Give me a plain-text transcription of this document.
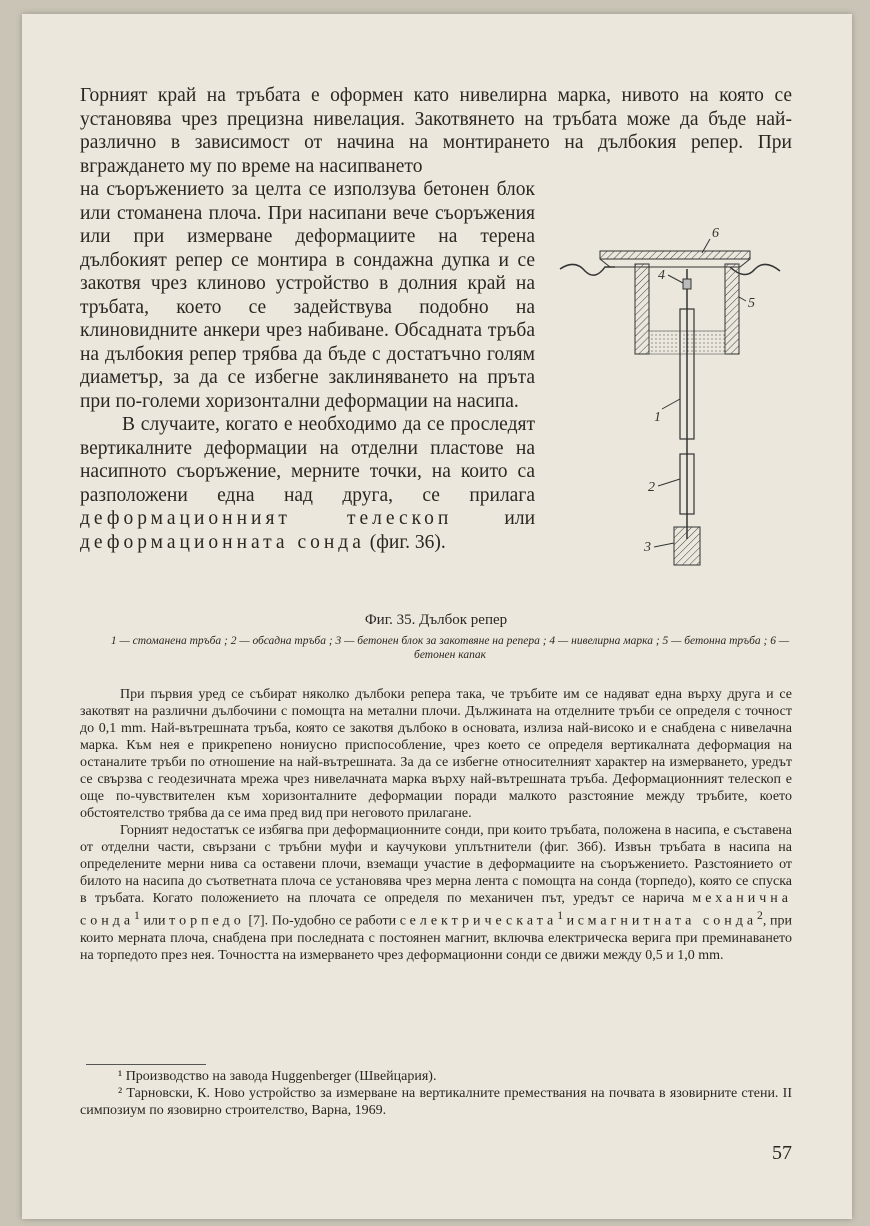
Горният край на тръбата е оформен като нивелирна марка, нивото на която се установява чрез прецизна нивелация. Закотвянето на тръбата може да бъде най-различно в зависимост от начина на монтирането на дълбокия репер. При вграждането му по време на насипването

на съоръжението за целта се използува бетонен блок или стоманена плоча. При насипани вече съоръжения или при измерване деформациите на терена дълбокият репер се монтира в сондажна дупка и се закотвя чрез клиново устройство в долния край на тръбата, което се задействува подобно на клиновидните анкери чрез набиване. Обсадната тръба на дълбокия репер трябва да бъде с достатъчно голям диаметър, за да се избегне заклиняването на пръта при по-големи хоризонтални деформации на насипа.

В случаите, когато е необходимо да се проследят вертикалните деформации на отделни пластове на насипното съоръжение, мерните точки, на които са разположени една над друга, се прилага деформационният телескоп или деформационната сонда (фиг. 36).

6
4
5
1
2
3
Фиг. 35. Дълбок репер
1 — стоманена тръба ; 2 — обсадна тръба ; 3 — бетонен блок за закотвяне на репера ; 4 — нивелирна марка ; 5 — бетонна тръба ; 6 — бетонен капак

При първия уред се събират няколко дълбоки репера така, че тръбите им се надяват една върху друга и се закотвят на различни дълбочини с помощта на метални плочи. Дължината на отделните тръби се определя с точност до 0,1 mm. Най-вътрешната тръба, която се закотвя дълбоко в основата, излиза най-високо и е снабдена с нивелачна марка. Към нея е прикрепено нониусно приспособление, чрез което се определя вертикалната деформация на останалите тръби по отношение на най-вътрешната. За да се избегне относителният характер на измерването, уредът се свързва с геодезичната мрежа чрез нивелачната марка върху най-вътрешната тръба. Деформационният телескоп е още по-чувствителен към хоризонталните деформации поради малкото разстояние между тръбите, което обстоятелство трябва да се има пред вид при неговото прилагане.

Горният недостатък се избягва при деформационните сонди, при които тръбата, положена в насипа, е съставена от отделни части, свързани с тръбни муфи и каучукови уплътнители (фиг. 36б). Извън тръбата в насипа на определените мерни нива са оставени плочи, вземащи участие в деформациите на съоръжението. Разстоянието от билото на насипа до съответната плоча се установява чрез мерна лента с помощта на сонда (торпедо), която се спуска в тръбата. Когато положението на плочата се определя по механичен път, уредът се нарича механична сонда$^1$ или торпедо [7]. По-удобно се работи с електрическата$^1$ и с магнитната сонда$^2$, при които мерната плоча, снабдена при последната с постоянен магнит, включва електрическа верига при преминаването на торпедото през нея. Точността на измерването чрез деформационни сонди се движи между 0,5 и 1,0 mm.

¹ Производство на завода Huggenberger (Швейцария).

² Тарновски, К. Ново устройство за измерване на вертикалните премествания на почвата в язовирните стени. II симпозиум по язовирно строителство, Варна, 1969.

57
